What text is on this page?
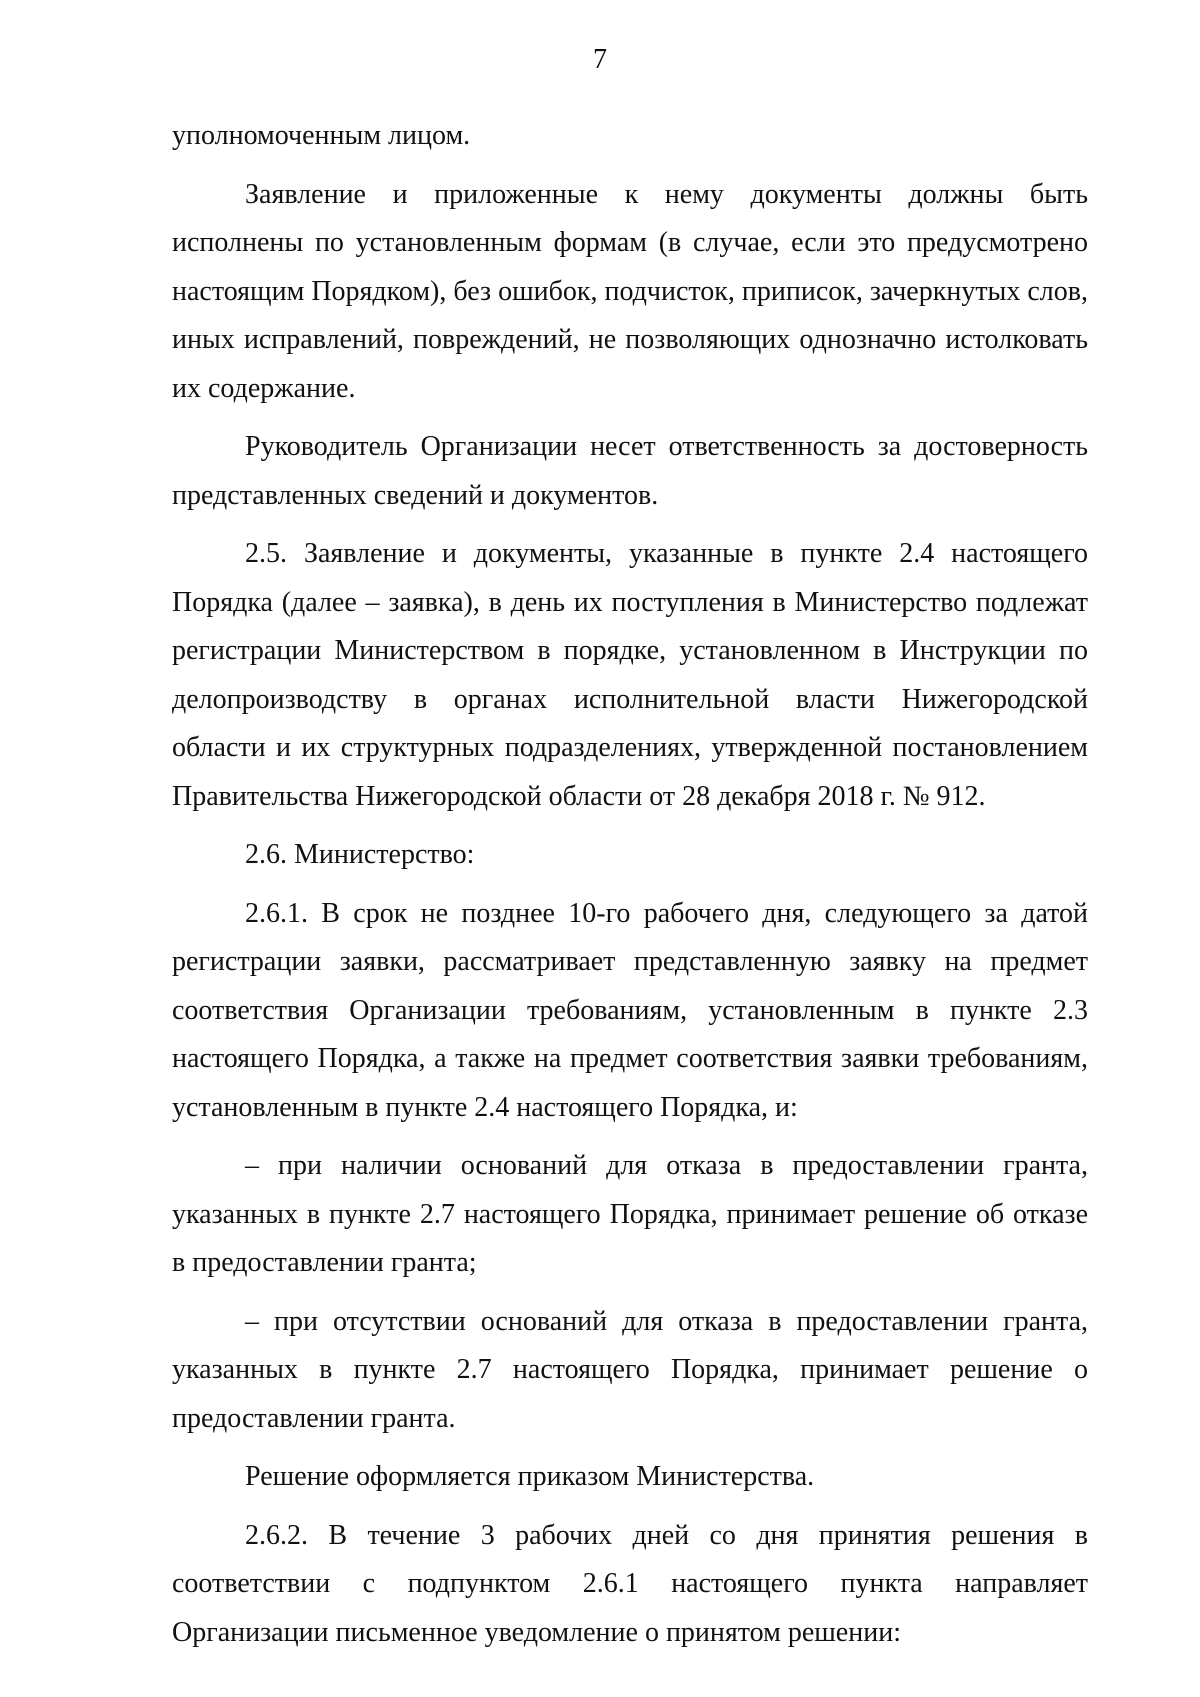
7

уполномоченным лицом.

Заявление и приложенные к нему документы должны быть исполнены по установленным формам (в случае, если это предусмотрено настоящим Порядком), без ошибок, подчисток, приписок, зачеркнутых слов, иных исправлений, повреждений, не позволяющих однозначно истолковать их содержание.

Руководитель Организации несет ответственность за достоверность представленных сведений и документов.

2.5. Заявление и документы, указанные в пункте 2.4 настоящего Порядка (далее – заявка), в день их поступления в Министерство подлежат регистрации Министерством в порядке, установленном в Инструкции по делопроизводству в органах исполнительной власти Нижегородской области и их структурных подразделениях, утвержденной постановлением Правительства Нижегородской области от 28 декабря 2018 г. № 912.

2.6. Министерство:

2.6.1. В срок не позднее 10-го рабочего дня, следующего за датой регистрации заявки, рассматривает представленную заявку на предмет соответствия Организации требованиям, установленным в пункте 2.3 настоящего Порядка, а также на предмет соответствия заявки требованиям, установленным в пункте 2.4 настоящего Порядка, и:

– при наличии оснований для отказа в предоставлении гранта, указанных в пункте 2.7 настоящего Порядка, принимает решение об отказе в предоставлении гранта;

– при отсутствии оснований для отказа в предоставлении гранта, указанных в пункте 2.7 настоящего Порядка, принимает решение о предоставлении гранта.

Решение оформляется приказом Министерства.

2.6.2. В течение 3 рабочих дней со дня принятия решения в соответствии с подпунктом 2.6.1 настоящего пункта направляет Организации письменное уведомление о принятом решении:
